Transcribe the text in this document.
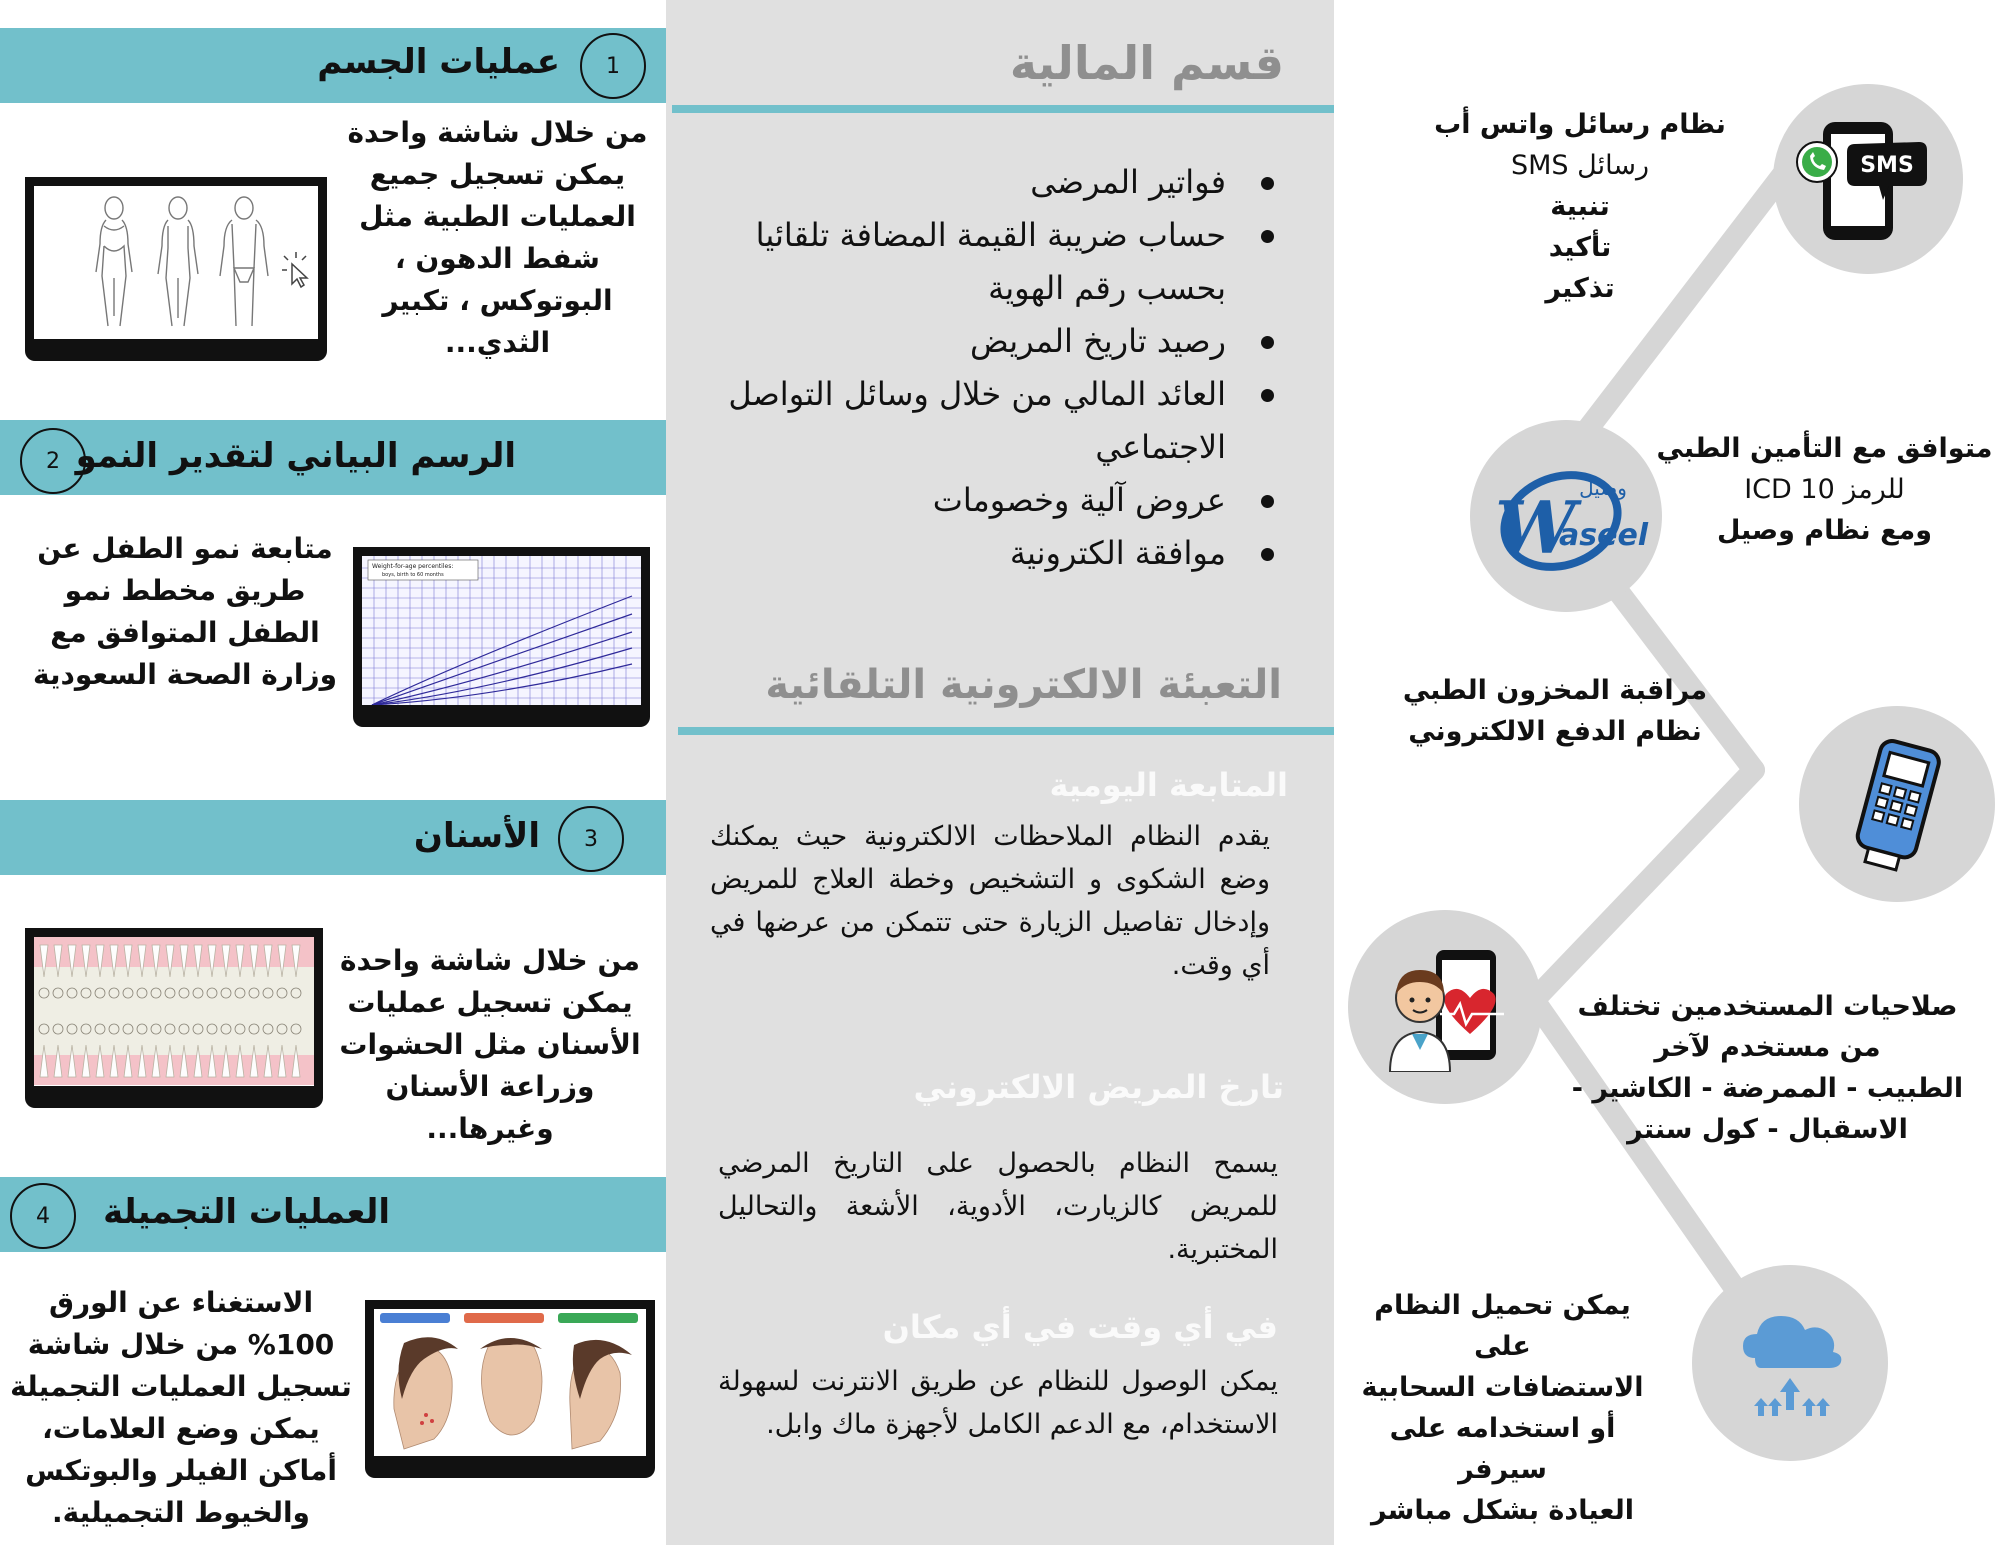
عمليات الجسم	1
من خلال شاشة واحدة يمكن تسجيل جميع العمليات الطبية مثل شفط الدهون ، البوتوكس ، تكبير الثدي...
الرسم البياني لتقدير النمو
2
متابعة نمو الطفل عن طريق مخطط نمو الطفل المتوافق مع وزارة الصحة السعودية
Weight-for-age percentiles:
boys, birth to 60 months
الأسنان	3
من خلال شاشة واحدة يمكن تسجيل عمليات الأسنان مثل الحشوات وزراعة الأسنان وغيرها...
العمليات التجميلة
4
الاستغناء عن الورق 100% من خلال شاشة تسجيل العمليات التجميلة يمكن وضع العلامات، أماكن الفيلر والبوتكس والخيوط التجميلية.
قسم المالية
فواتير المرضى
حساب ضريبة القيمة المضافة تلقائيا بحسب رقم الهوية
رصيد تاريخ المريض
العائد المالي من خلال وسائل التواصل الاجتماعي
عروض آلية وخصومات
موافقة الكترونية
التعبئة الالكترونية التلقائية
المتابعة اليومية
يقدم النظام الملاحظات الالكترونية حيث يمكنك وضع الشكوى و التشخيص وخطة العلاج للمريض وإدخال تفاصيل الزيارة حتى تتمكن من عرضها في أي وقت.
تارخ المريض الالكتروني
يسمح النظام بالحصول على التاريخ المرضي للمريض كالزيارت، الأدوية، الأشعة والتحاليل المختبرية.
في أي وقت في أي مكان
يمكن الوصول للنظام عن طريق الانترنت لسهولة الاستخدام، مع الدعم الكامل لأجهزة ماك وابل.
SMS
نظام رسائل واتس أب
رسائل SMS
تنبية
تأكيد
تذكير
W
aseel
وصيل
متوافق مع التأمين الطبي
للرمز ICD 10
ومع نظام وصيل
مراقبة المخزون الطبي
نظام الدفع الالكتروني
صلاحيات المستخدمين تختلف
من مستخدم لآخر
الطبيب - الممرضة - الكاشير -
الاسقبال - كول سنتر
يمكن تحميل النظام على
الاستضافات السحابية
أو استخدامه على سيرفر
العيادة بشكل مباشر
